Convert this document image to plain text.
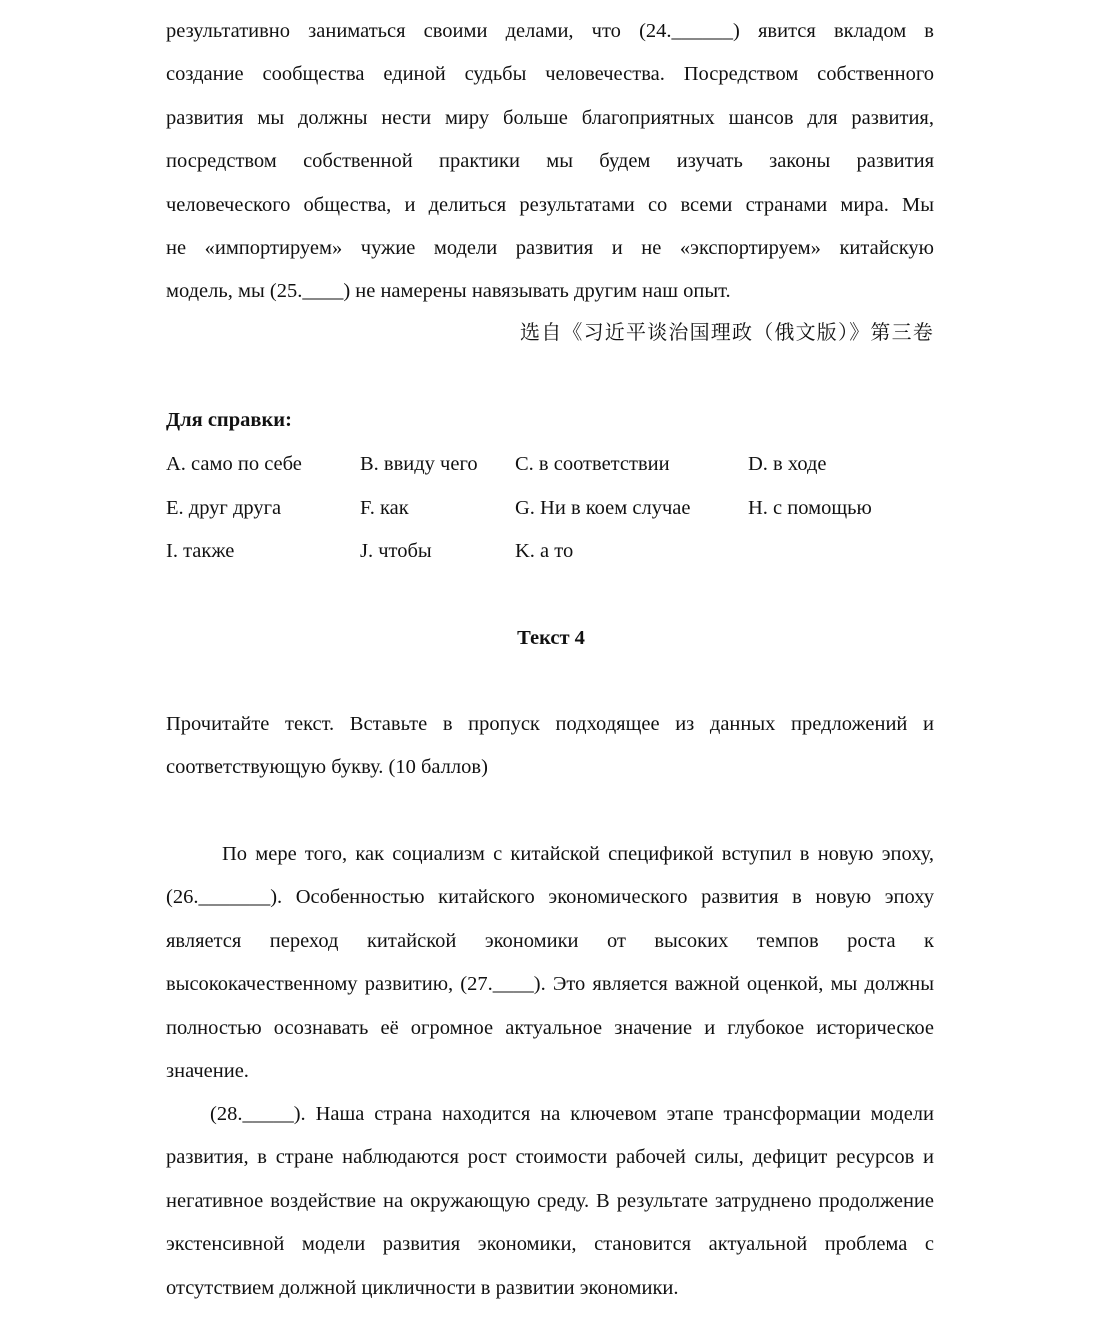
результативно заниматься своими делами, что (24.______) явится вкладом в
создание сообщества единой судьбы человечества. Посредством собственного
развития мы должны нести миру больше благоприятных шансов для развития,
посредством собственной практики мы будем изучать законы развития
человеческого общества, и делиться результатами со всеми странами мира. Мы
не «импортируем» чужие модели развития и не «экспортируем» китайскую
модель, мы (25.____) не намерены навязывать другим наш опыт.

选自《习近平谈治国理政（俄文版）》第三卷
Для справки:
A. само по себе	B. ввиду чего C. в соответствии	D. в ходе
E. друг друга	F. как	G. Ни в коем случае	H. с помощью
I. также	J. чтобы	K. а то
Текст 4

Прочитайте текст. Вставьте в пропуск подходящее из данных предложений и соответствующую букву. (10 баллов)

По мере того, как социализм с китайской спецификой вступил в новую эпоху, (26._______). Особенностью китайского экономического развития в новую эпоху является переход китайской экономики от высоких темпов роста к высококачественному развитию, (27.____). Это является важной оценкой, мы должны полностью осознавать её огромное актуальное значение и глубокое историческое значение.

(28._____). Наша страна находится на ключевом этапе трансформации модели развития, в стране наблюдаются рост стоимости рабочей силы, дефицит ресурсов и негативное воздействие на окружающую среду. В результате затруднено продолжение экстенсивной модели развития экономики, становится актуальной проблема с отсутствием должной цикличности в развитии экономики.
